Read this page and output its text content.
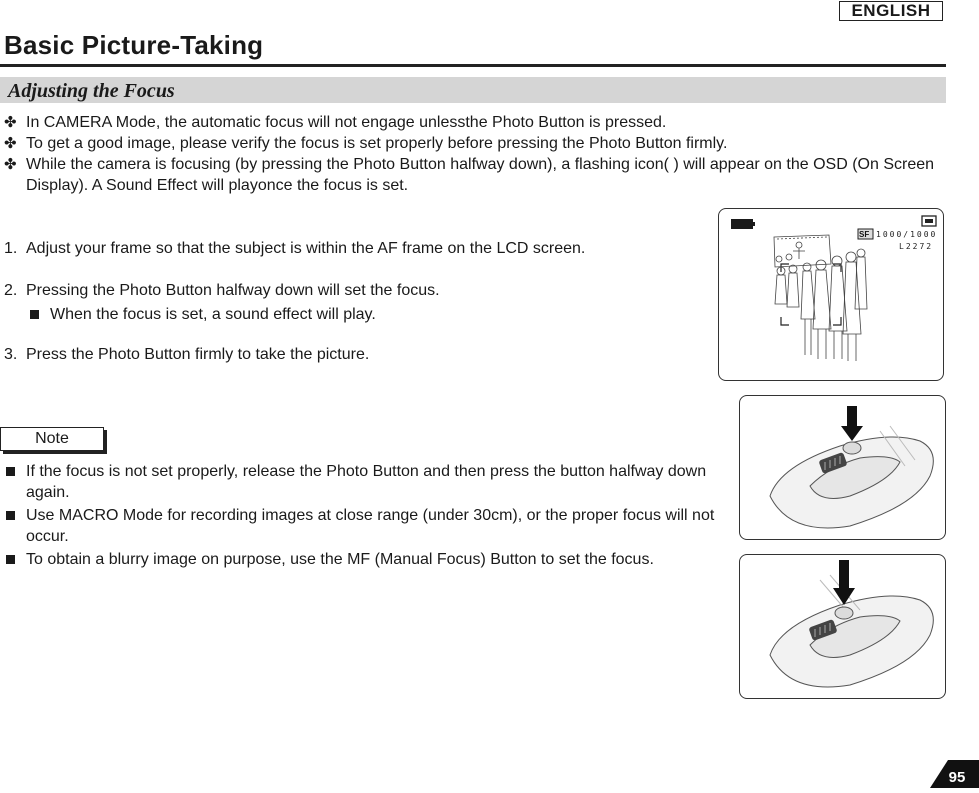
ENGLISH
Basic Picture-Taking
Adjusting the Focus
✤ In CAMERA Mode, the automatic focus will not engage unlessthe Photo Button is pressed.
✤ To get a good image, please verify the focus is set properly before pressing the Photo Button firmly.
✤ While the camera is focusing (by pressing the Photo Button halfway down), a flashing icon( ) will appear on the OSD (On Screen Display). A Sound Effect will playonce the focus is set.
1. Adjust your frame so that the subject is within the AF frame on the LCD screen.
2. Pressing the Photo Button halfway down will set the focus.
When the focus is set, a sound effect will play.
3. Press the Photo Button firmly to take the picture.
Note
If the focus is not set properly, release the Photo Button and then press the button halfway down again.
Use MACRO Mode for recording images at close range (under 30cm), or the proper focus will not occur.
To obtain a blurry image on purpose, use the MF (Manual Focus) Button to set the focus.
SF 1000/1000
L2272
95
